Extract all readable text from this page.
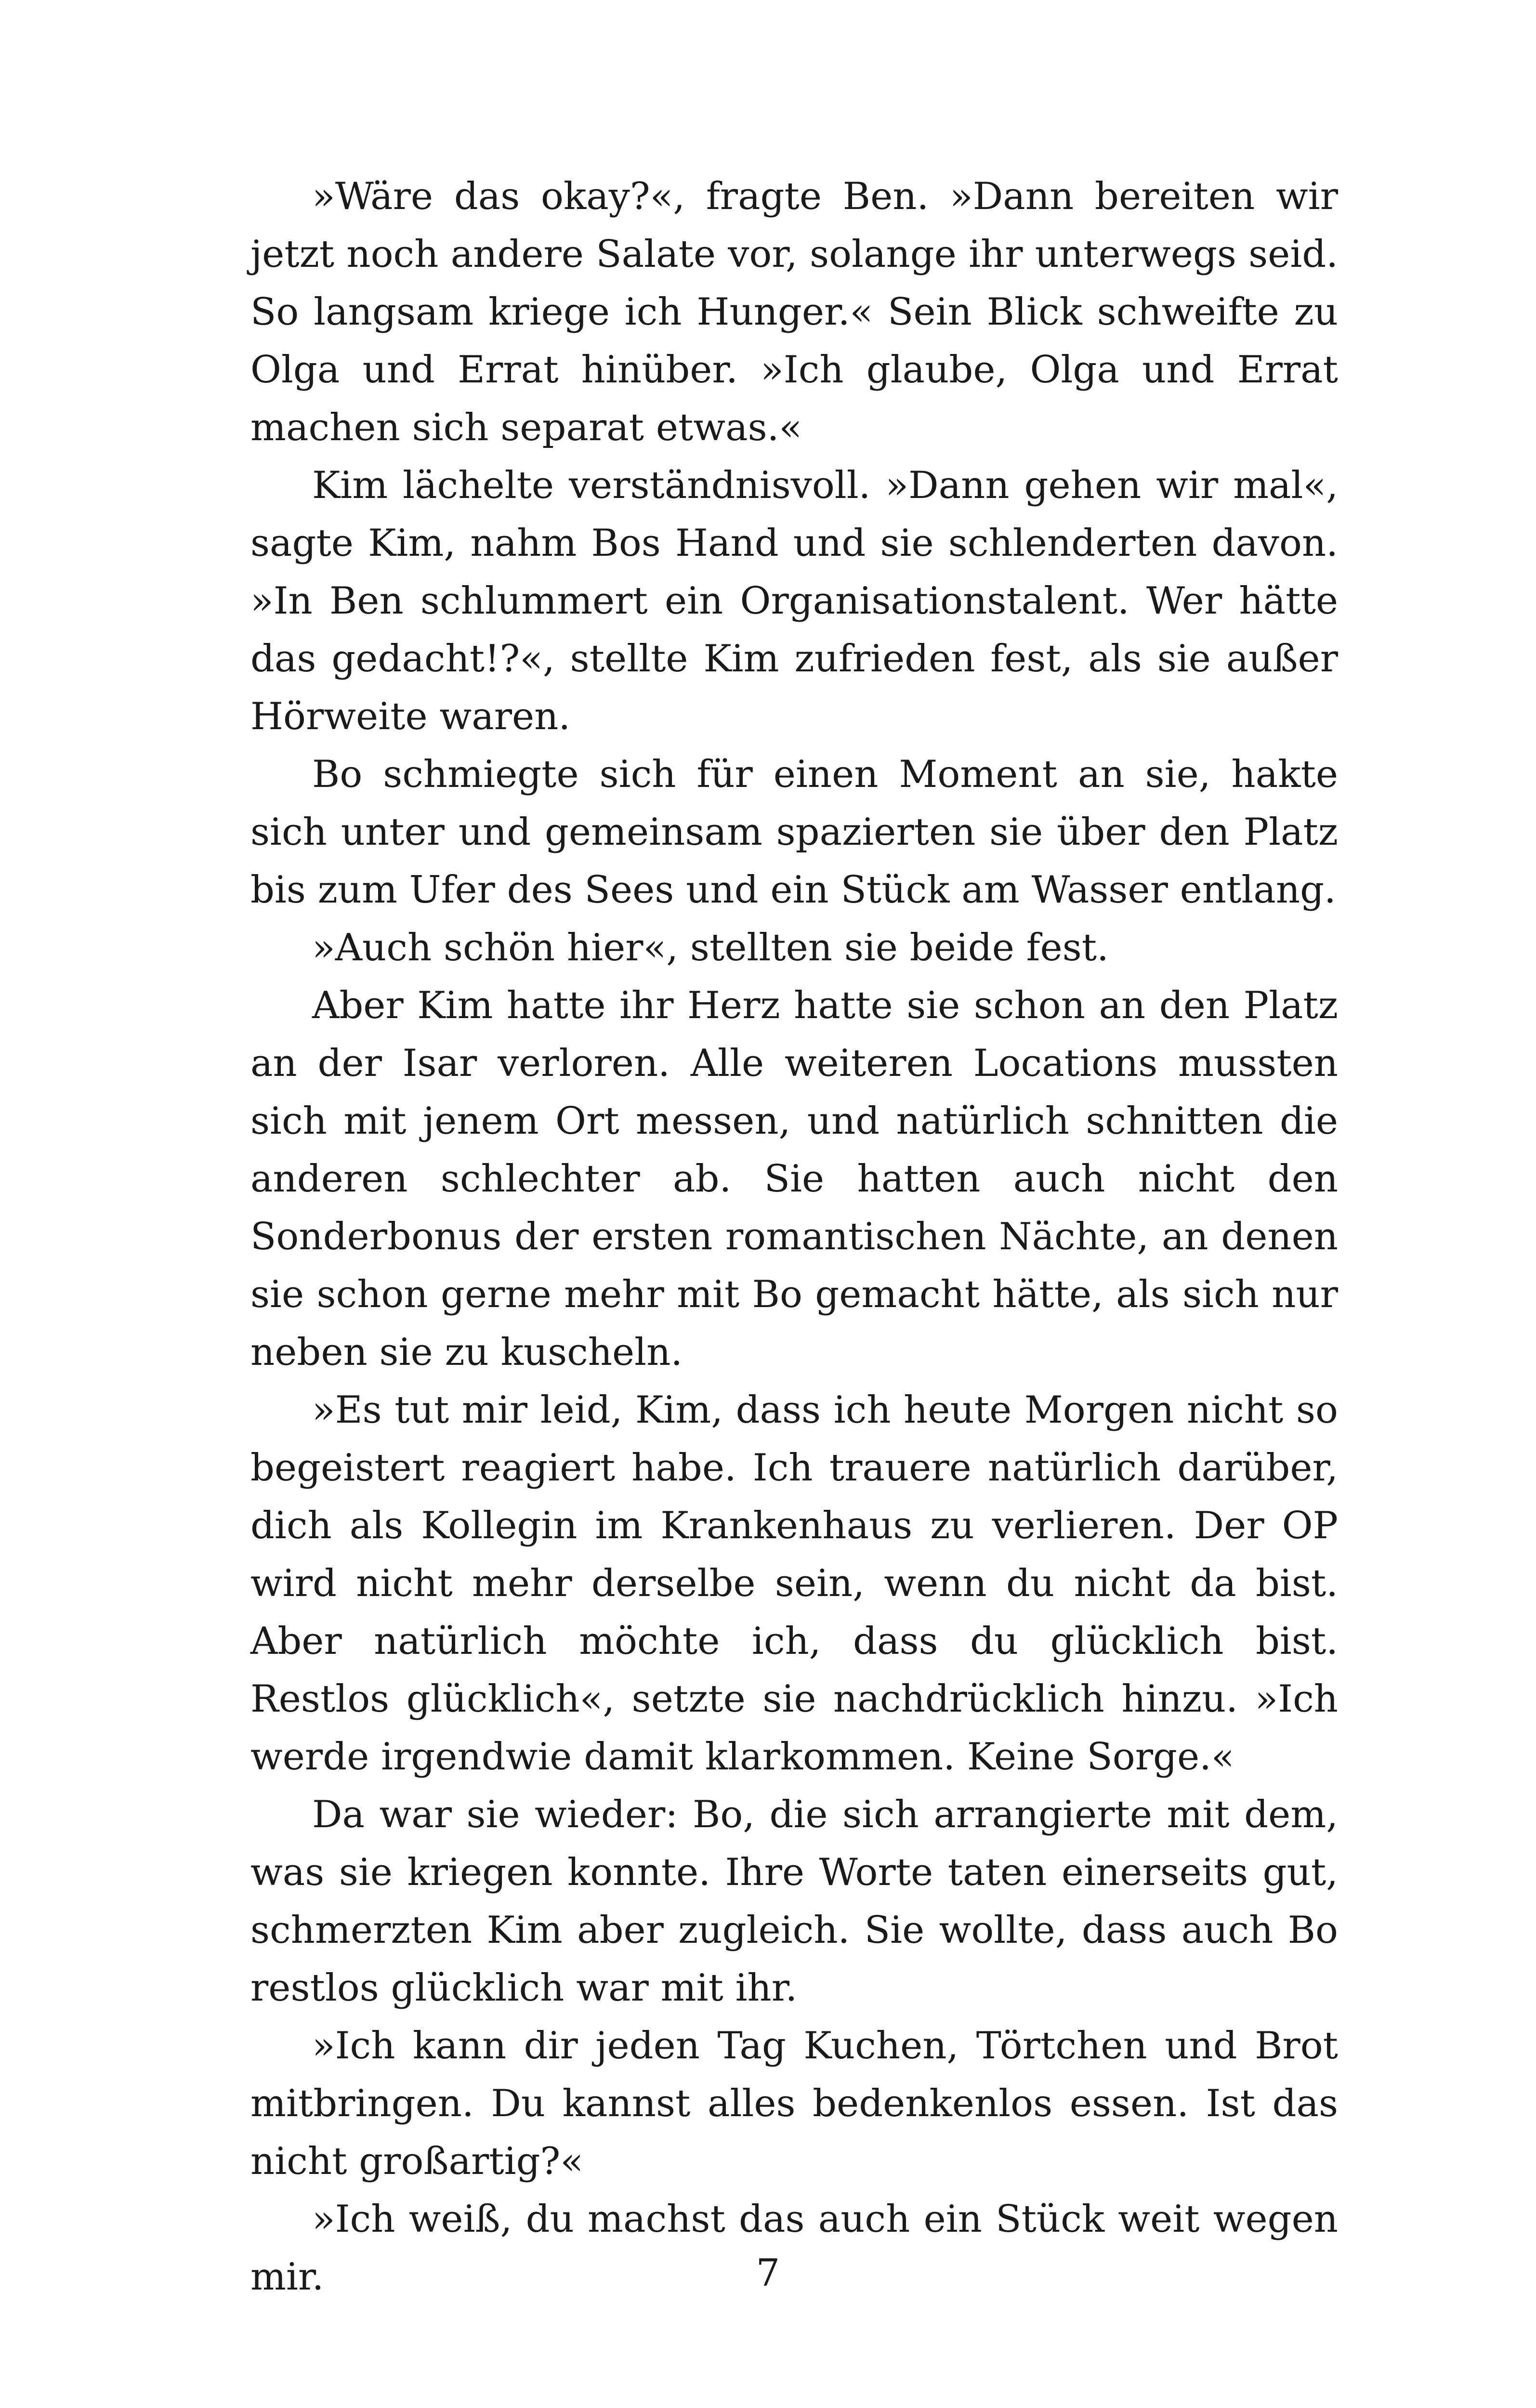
»Wäre das okay?«, fragte Ben. »Dann bereiten wir jetzt noch andere Salate vor, solange ihr unterwegs seid. So langsam kriege ich Hunger.« Sein Blick schweifte zu Olga und Errat hinüber. »Ich glaube, Olga und Errat machen sich separat etwas.«

Kim lächelte verständnisvoll. »Dann gehen wir mal«, sagte Kim, nahm Bos Hand und sie schlenderten davon. »In Ben schlummert ein Organisationstalent. Wer hätte das gedacht!?«, stellte Kim zufrieden fest, als sie außer Hörweite waren.

Bo schmiegte sich für einen Moment an sie, hakte sich unter und gemeinsam spazierten sie über den Platz bis zum Ufer des Sees und ein Stück am Wasser entlang.

»Auch schön hier«, stellten sie beide fest.

Aber Kim hatte ihr Herz hatte sie schon an den Platz an der Isar verloren. Alle weiteren Locations mussten sich mit jenem Ort messen, und natürlich schnitten die anderen schlechter ab. Sie hatten auch nicht den Sonderbonus der ersten romantischen Nächte, an denen sie schon gerne mehr mit Bo gemacht hätte, als sich nur neben sie zu kuscheln.

»Es tut mir leid, Kim, dass ich heute Morgen nicht so begeistert reagiert habe. Ich trauere natürlich darüber, dich als Kollegin im Krankenhaus zu verlieren. Der OP wird nicht mehr derselbe sein, wenn du nicht da bist. Aber natürlich möchte ich, dass du glücklich bist. Restlos glücklich«, setzte sie nachdrücklich hinzu. »Ich werde irgendwie damit klarkommen. Keine Sorge.«

Da war sie wieder: Bo, die sich arrangierte mit dem, was sie kriegen konnte. Ihre Worte taten einerseits gut, schmerzten Kim aber zugleich. Sie wollte, dass auch Bo restlos glücklich war mit ihr.

»Ich kann dir jeden Tag Kuchen, Törtchen und Brot mitbringen. Du kannst alles bedenkenlos essen. Ist das nicht großartig?«

»Ich weiß, du machst das auch ein Stück weit wegen mir.	7
